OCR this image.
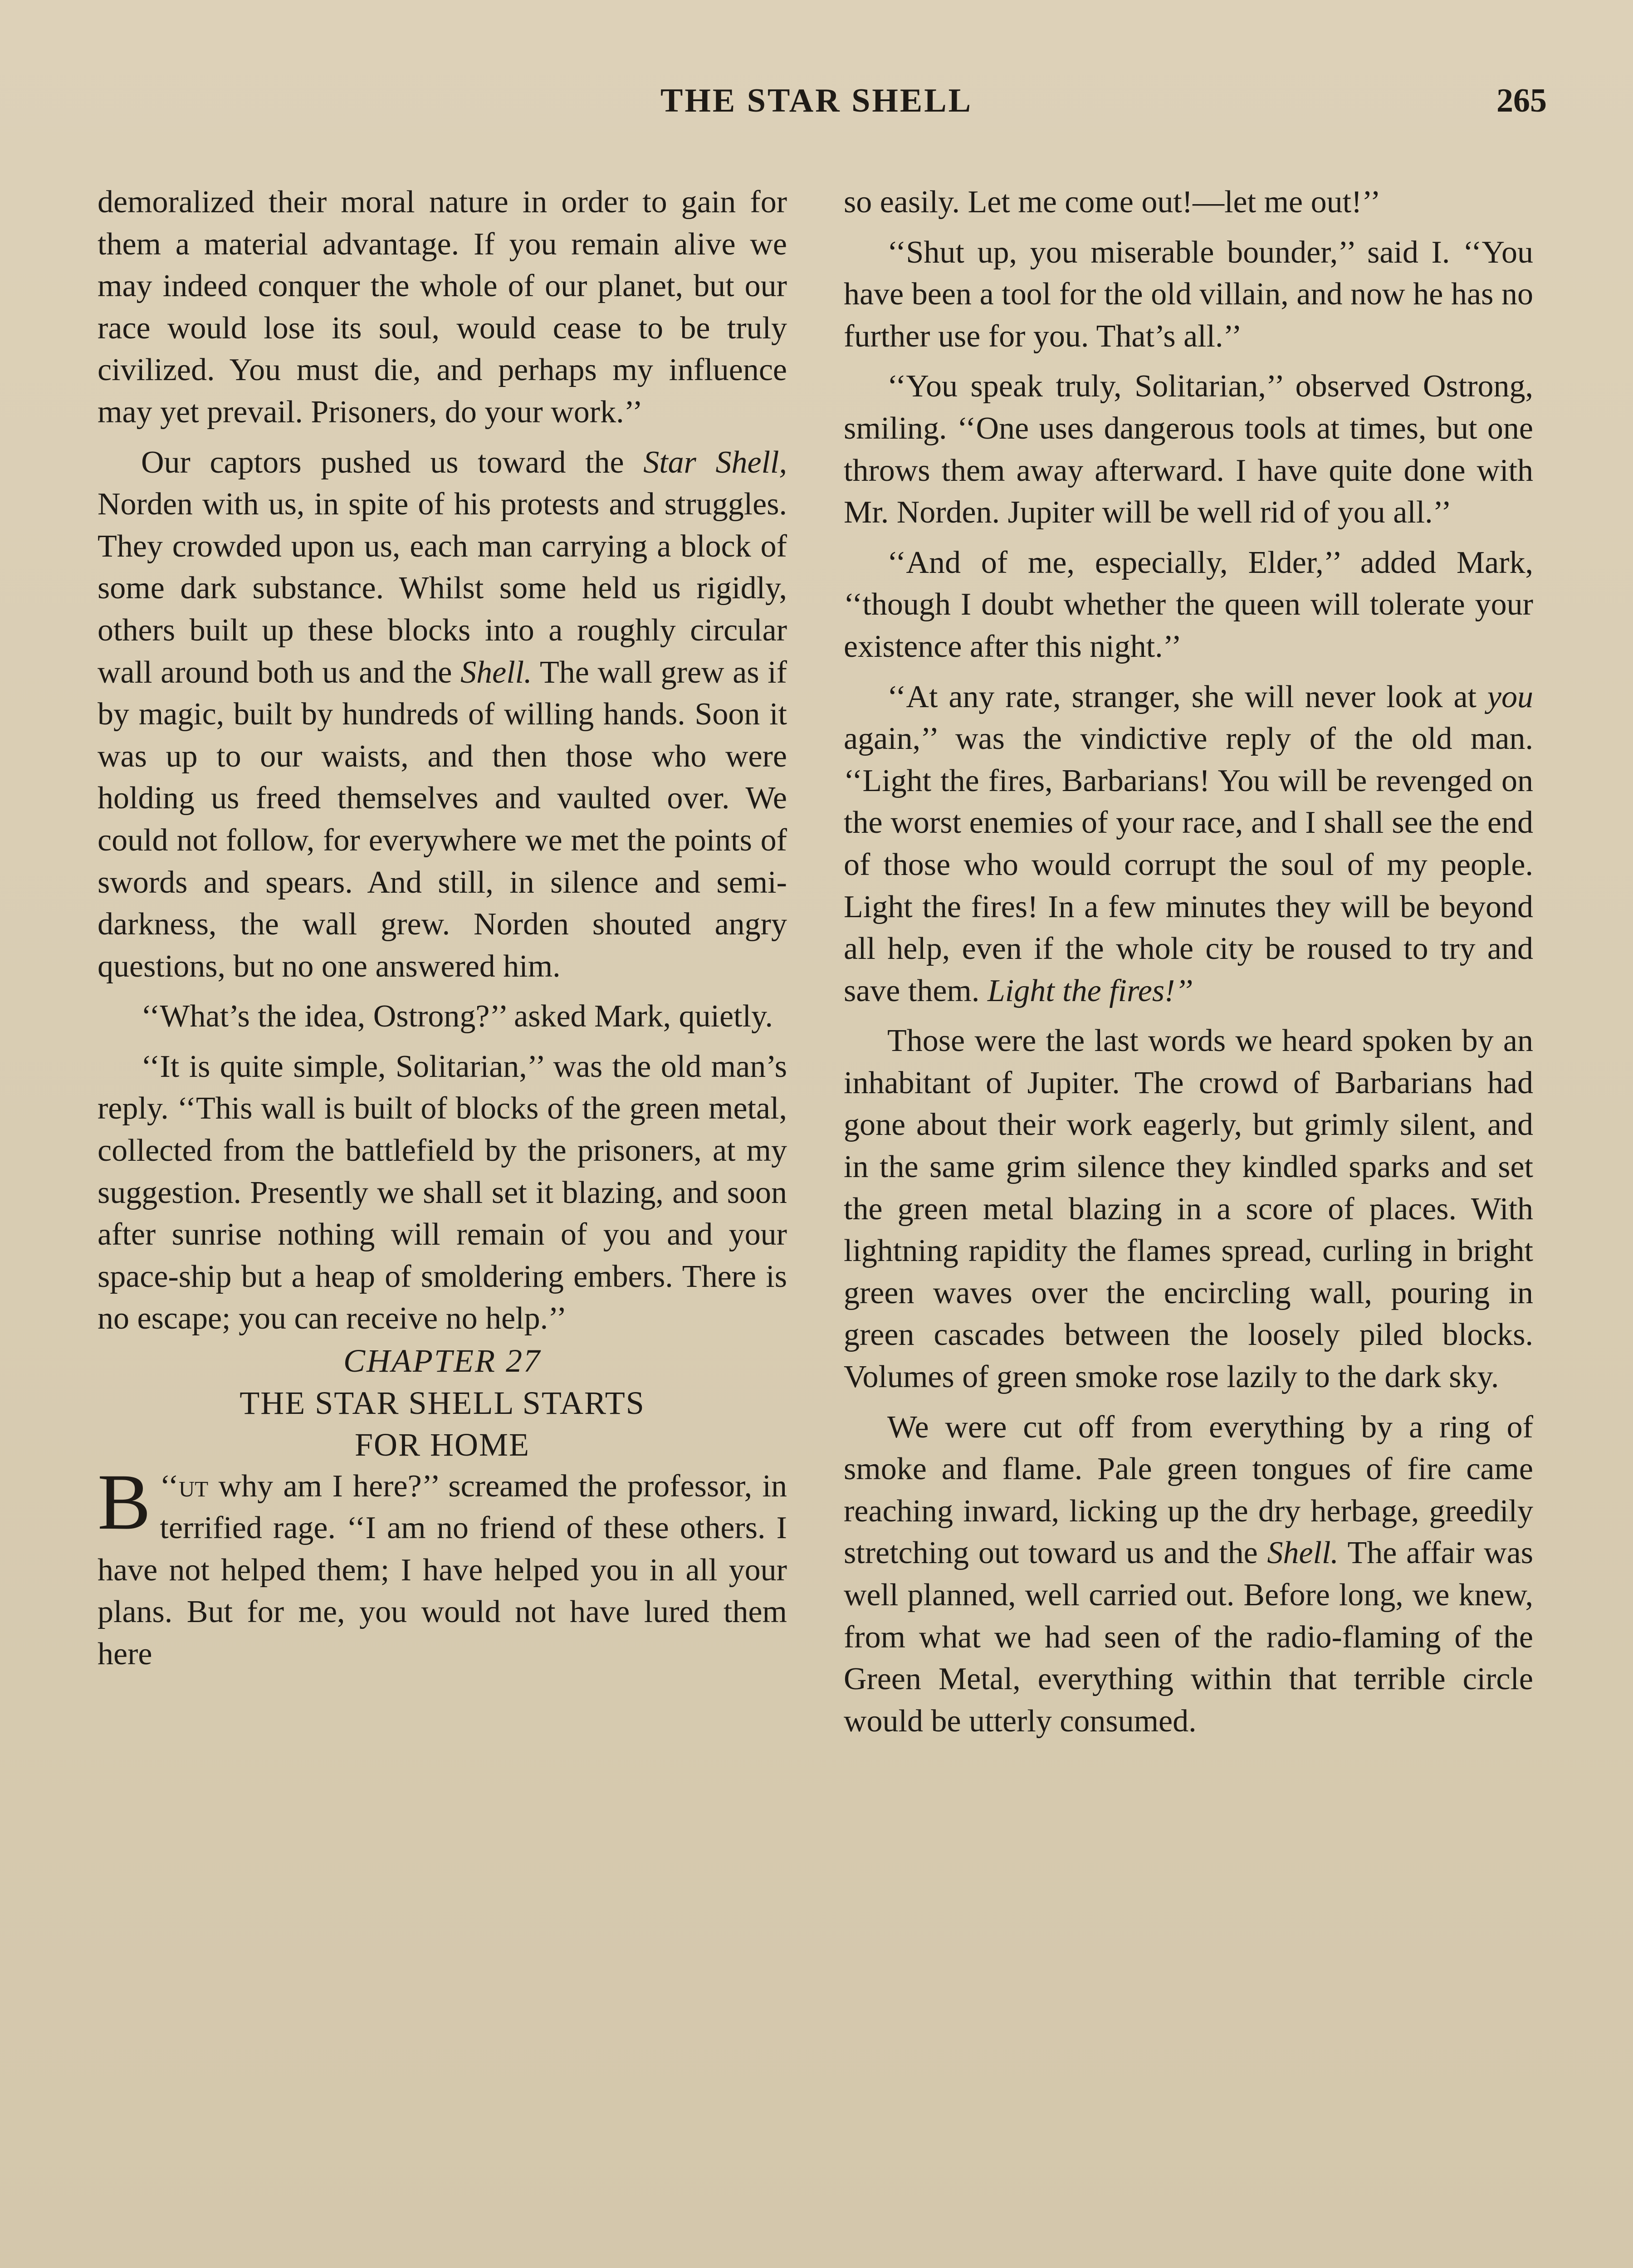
THE STAR SHELL	265

demoralized their moral nature in order to gain for them a material advantage. If you remain alive we may indeed conquer the whole of our planet, but our race would lose its soul, would cease to be truly civilized. You must die, and perhaps my influence may yet prevail. Prisoners, do your work.’’

Our captors pushed us toward the Star Shell, Norden with us, in spite of his protests and struggles. They crowded upon us, each man carrying a block of some dark substance. Whilst some held us rigidly, others built up these blocks into a roughly circular wall around both us and the Shell. The wall grew as if by magic, built by hundreds of willing hands. Soon it was up to our waists, and then those who were holding us freed themselves and vaulted over. We could not follow, for everywhere we met the points of swords and spears. And still, in silence and semi-darkness, the wall grew. Norden shouted angry questions, but no one answered him.

‘‘What’s the idea, Ostrong?’’ asked Mark, quietly.

‘‘It is quite simple, Solitarian,’’ was the old man’s reply. ‘‘This wall is built of blocks of the green metal, collected from the battlefield by the prisoners, at my suggestion. Presently we shall set it blazing, and soon after sunrise nothing will remain of you and your space-ship but a heap of smoldering embers. There is no escape; you can receive no help.’’

CHAPTER 27

THE STAR SHELL STARTS
FOR HOME

‘‘
B ut why am I here?’’ screamed the professor, in terrified rage. ‘‘I am no friend of these others. I have not helped them; I have helped you in all your plans. But for me, you would not have lured them here

so easily. Let me come out!—let me out!’’

‘‘Shut up, you miserable bounder,’’ said I. ‘‘You have been a tool for the old villain, and now he has no further use for you. That’s all.’’

‘‘You speak truly, Solitarian,’’ observed Ostrong, smiling. ‘‘One uses dangerous tools at times, but one throws them away afterward. I have quite done with Mr. Norden. Jupiter will be well rid of you all.’’

‘‘And of me, especially, Elder,’’ added Mark, ‘‘though I doubt whether the queen will tolerate your existence after this night.’’

‘‘At any rate, stranger, she will never look at you again,’’ was the vindictive reply of the old man. ‘‘Light the fires, Barbarians! You will be revenged on the worst enemies of your race, and I shall see the end of those who would corrupt the soul of my people. Light the fires! In a few minutes they will be beyond all help, even if the whole city be roused to try and save them. Light the fires!’’

Those were the last words we heard spoken by an inhabitant of Jupiter. The crowd of Barbarians had gone about their work eagerly, but grimly silent, and in the same grim silence they kindled sparks and set the green metal blazing in a score of places. With lightning rapidity the flames spread, curling in bright green waves over the encircling wall, pouring in green cascades between the loosely piled blocks. Volumes of green smoke rose lazily to the dark sky.

We were cut off from everything by a ring of smoke and flame. Pale green tongues of fire came reaching inward, licking up the dry herbage, greedily stretching out toward us and the Shell. The affair was well planned, well carried out. Before long, we knew, from what we had seen of the radio-flaming of the Green Metal, everything within that terrible circle would be utterly consumed.
